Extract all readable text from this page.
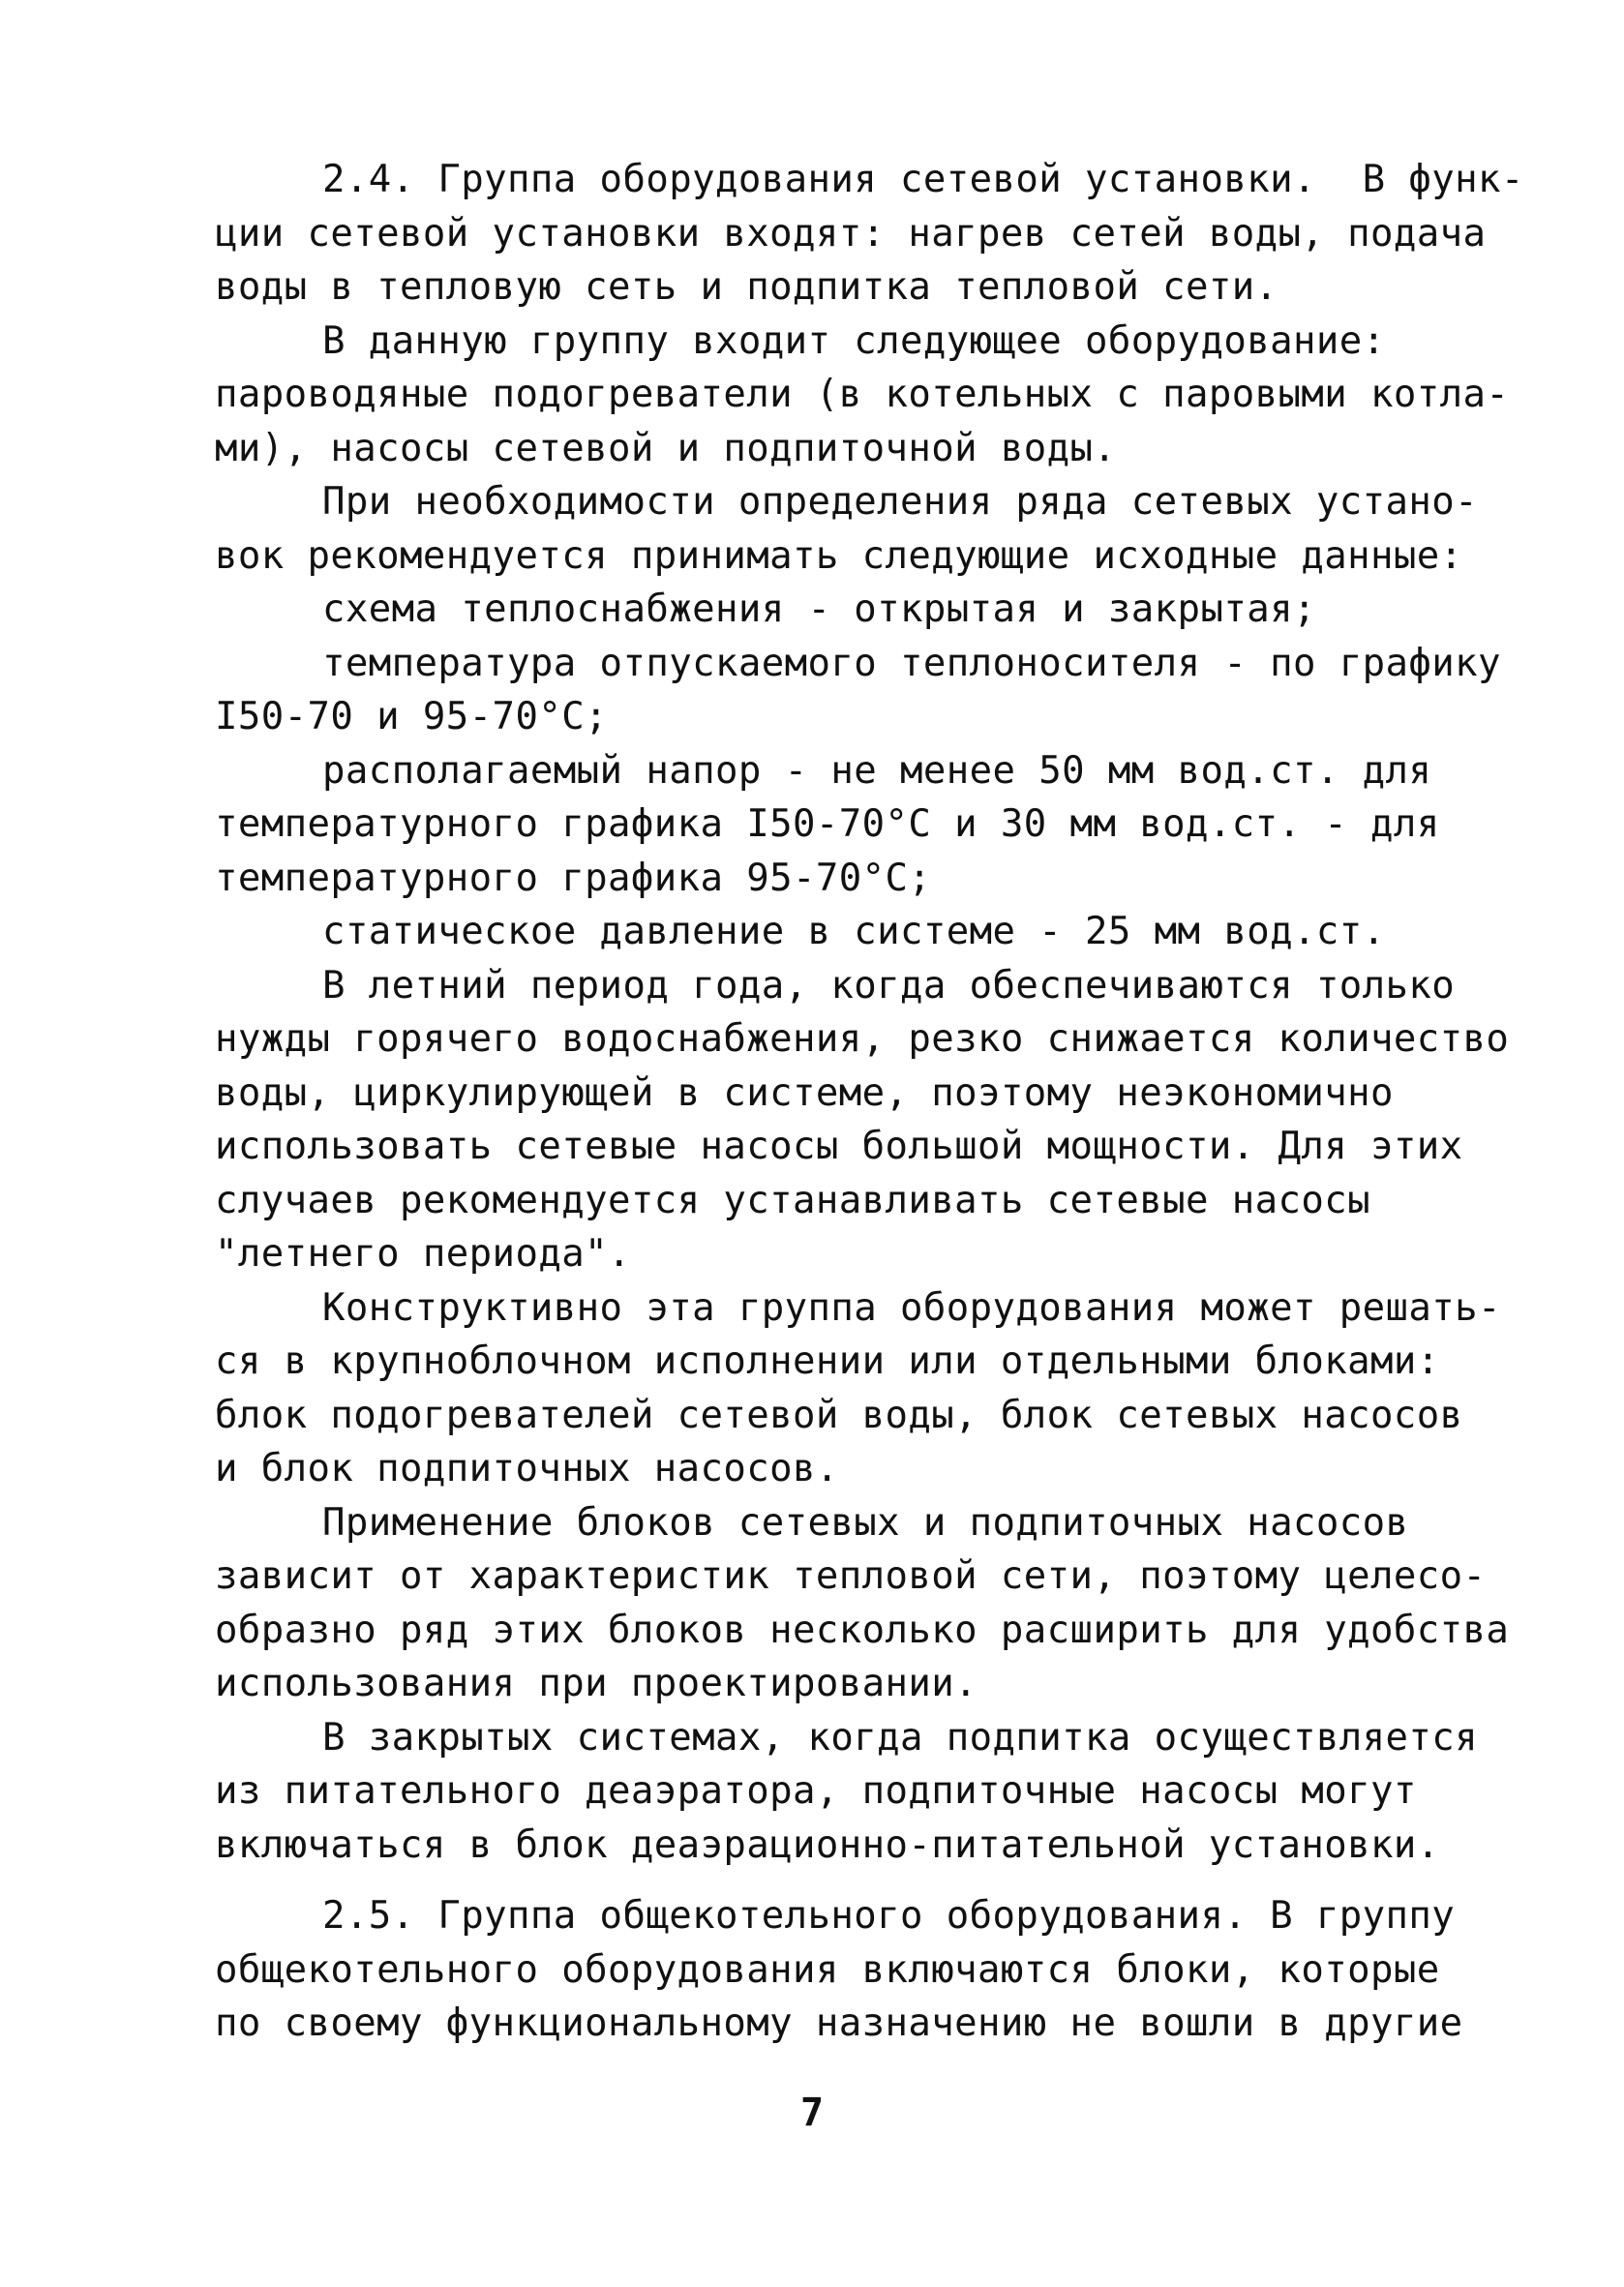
2.4. Группа оборудования сетевой установки.  В функ-
ции сетевой установки входят: нагрев сетей воды, подача
воды в тепловую сеть и подпитка тепловой сети.
В данную группу входит следующее оборудование:
пароводяные подогреватели (в котельных с паровыми котла-
ми), насосы сетевой и подпиточной воды.
При необходимости определения ряда сетевых устано-
вок рекомендуется принимать следующие исходные данные:
схема теплоснабжения - открытая и закрытая;
температура отпускаемого теплоносителя - по графику
I50-70 и 95-70°С;
располагаемый напор - не менее 50 мм вод.ст. для
температурного графика I50-70°С и 30 мм вод.ст. - для
температурного графика 95-70°С;
статическое давление в системе - 25 мм вод.ст.
В летний период года, когда обеспечиваются только
нужды горячего водоснабжения, резко снижается количество
воды, циркулирующей в системе, поэтому неэкономично
использовать сетевые насосы большой мощности. Для этих
случаев рекомендуется устанавливать сетевые насосы
"летнего периода".
Конструктивно эта группа оборудования может решать-
ся в крупноблочном исполнении или отдельными блоками:
блок подогревателей сетевой воды, блок сетевых насосов
и блок подпиточных насосов.
Применение блоков сетевых и подпиточных насосов
зависит от характеристик тепловой сети, поэтому целесо-
образно ряд этих блоков несколько расширить для удобства
использования при проектировании.
В закрытых системах, когда подпитка осуществляется
из питательного деаэратора, подпиточные насосы могут
включаться в блок деаэрационно-питательной установки.
2.5. Группа общекотельного оборудования. В группу
общекотельного оборудования включаются блоки, которые
по своему функциональному назначению не вошли в другие
7
